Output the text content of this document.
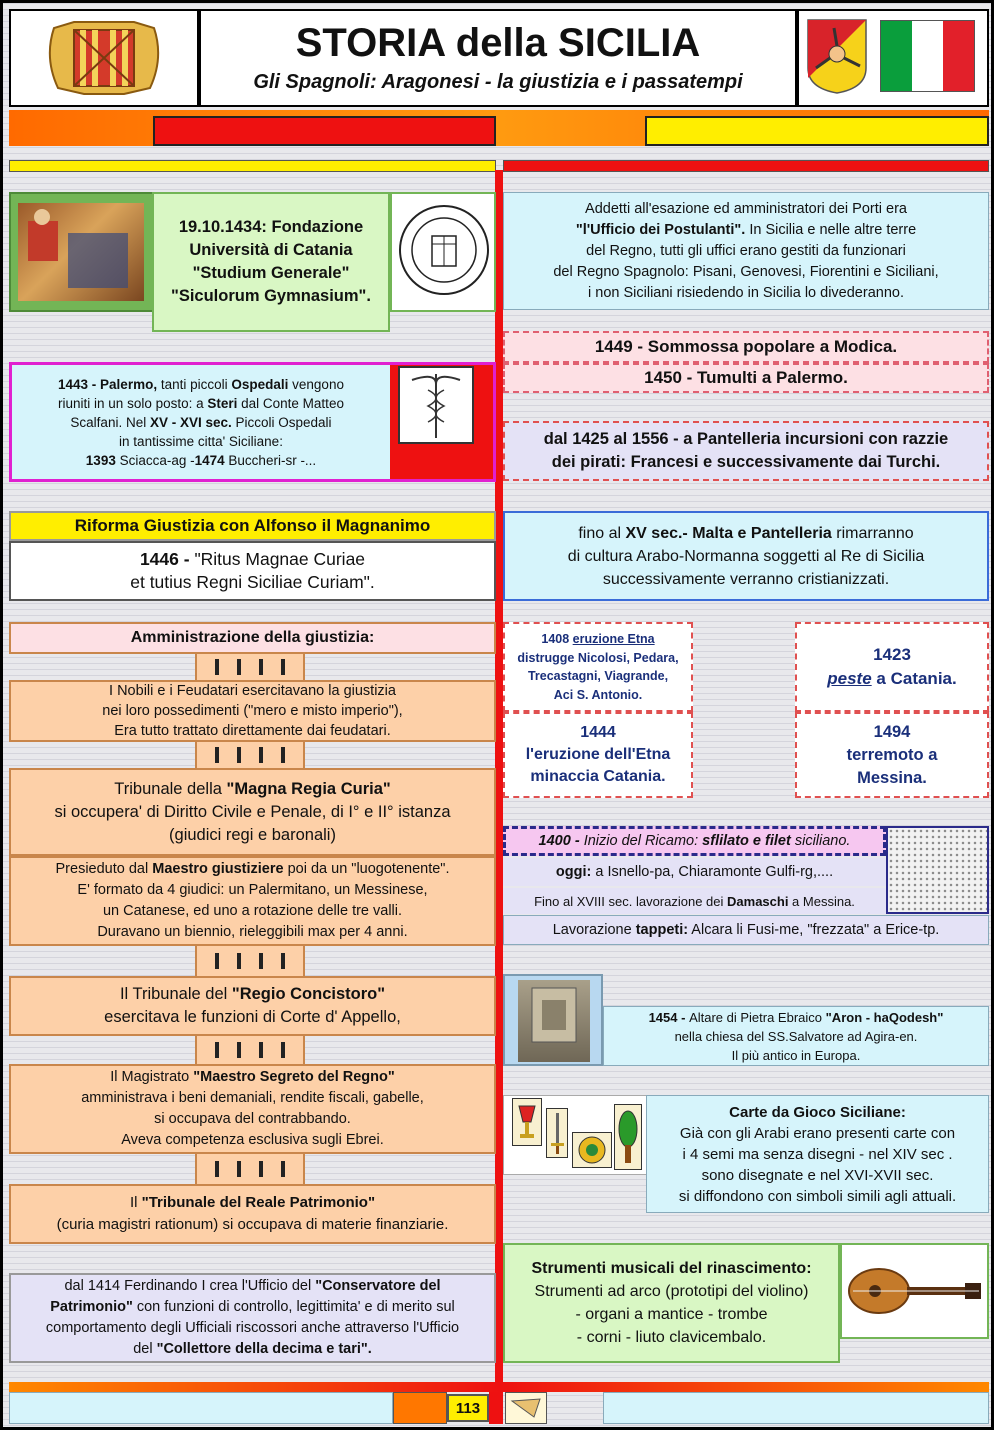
STORIA della SICILIA
Gli Spagnoli: Aragonesi - la giustizia e i passatempi
19.10.1434: Fondazione
Università di Catania
"Studium Generale"
"Siculorum Gymnasium".
1443 - Palermo, tanti piccoli Ospedali vengono
riuniti in un solo posto: a Steri dal Conte Matteo
Scalfani. Nel XV - XVI sec. Piccoli Ospedali
in tantissime citta' Siciliane:
1393 Sciacca-ag -1474 Buccheri-sr -...
Riforma Giustizia con Alfonso il Magnanimo
1446 - "Ritus Magnae Curiae
et tutius Regni Siciliae Curiam".
Amministrazione della giustizia:
I Nobili e i Feudatari esercitavano la giustizia
nei loro possedimenti ("mero e misto imperio"),
Era tutto trattato direttamente dai feudatari.
Tribunale della "Magna Regia Curia"
si occupera' di Diritto Civile e Penale, di I° e II° istanza
(giudici regi e baronali)
Presieduto dal Maestro giustiziere poi da un "luogotenente".
E' formato da 4 giudici: un Palermitano, un Messinese,
un Catanese, ed uno a rotazione delle tre valli.
Duravano un biennio, rieleggibili max per 4 anni.
Il Tribunale del "Regio Concistoro"
esercitava le funzioni di Corte d' Appello,
Il Magistrato "Maestro Segreto del Regno"
amministrava i beni demaniali, rendite fiscali, gabelle,
si occupava del contrabbando.
Aveva competenza esclusiva sugli Ebrei.
Il "Tribunale del Reale Patrimonio"
(curia magistri rationum) si occupava di materie finanziarie.
dal 1414 Ferdinando I crea l'Ufficio del "Conservatore del
Patrimonio" con funzioni di controllo, legittimita' e di merito sul
comportamento degli Ufficiali riscossori anche attraverso l'Ufficio
del "Collettore della decima e tari".
Addetti all'esazione ed amministratori dei Porti era
"l'Ufficio dei Postulanti". In Sicilia e nelle altre terre
del Regno, tutti gli uffici erano gestiti da funzionari
del Regno Spagnolo: Pisani, Genovesi, Fiorentini e Siciliani,
i non Siciliani risiedendo in Sicilia lo divederanno.
1449 - Sommossa popolare a Modica.
1450 - Tumulti a Palermo.
dal 1425 al 1556 - a Pantelleria incursioni con razzie
dei pirati: Francesi e successivamente dai Turchi.
fino al XV sec.- Malta e Pantelleria rimarranno
di cultura Arabo-Normanna soggetti al Re di Sicilia
successivamente verranno cristianizzati.
1408 eruzione Etna
distrugge Nicolosi, Pedara,
Trecastagni, Viagrande,
Aci S. Antonio.
1444
l'eruzione dell'Etna
minaccia Catania.
1423
peste a Catania.
1494
terremoto a
Messina.
1400 - Inizio del Ricamo: sflilato e filet siciliano.
oggi: a Isnello-pa, Chiaramonte Gulfi-rg,....
Fino al XVIII sec. lavorazione dei Damaschi a Messina.
Lavorazione tappeti: Alcara li Fusi-me, "frezzata" a Erice-tp.
1454 - Altare di Pietra Ebraico "Aron - haQodesh"
nella chiesa del SS.Salvatore ad Agira-en.
Il più antico in Europa.
Carte da Gioco Siciliane:
Già con gli Arabi erano presenti carte con
i 4 semi ma senza disegni - nel XIV sec .
sono disegnate e nel XVI-XVII sec.
si diffondono con simboli simili agli attuali.
Strumenti musicali del rinascimento:
Strumenti ad arco (prototipi del violino)
- organi a mantice - trombe
- corni - liuto clavicembalo.
113
